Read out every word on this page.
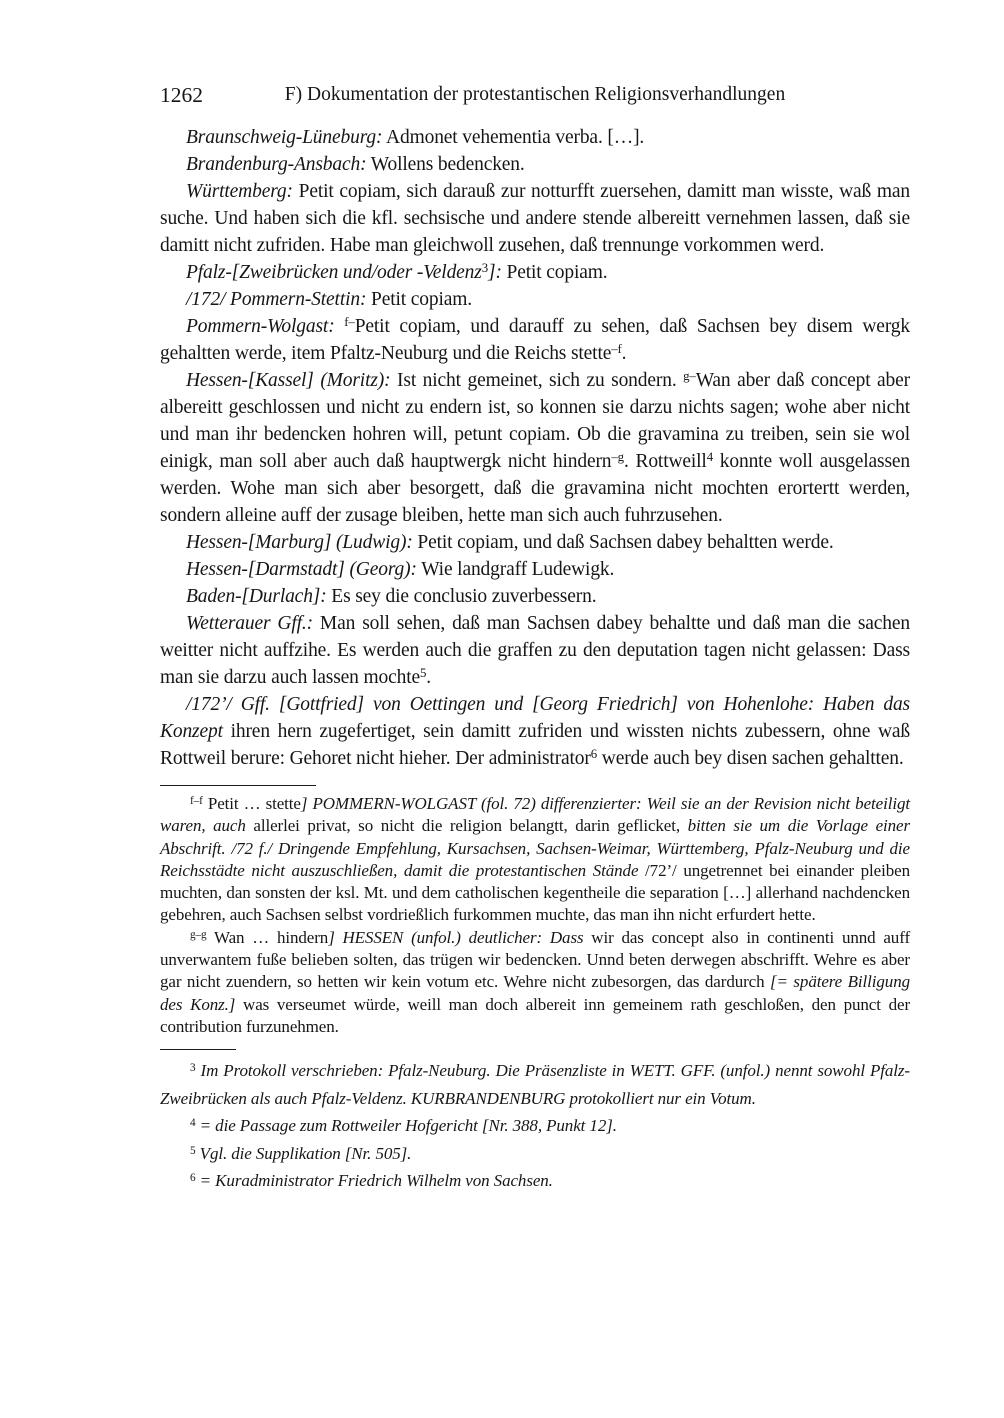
1262	F) Dokumentation der protestantischen Religionsverhandlungen

Braunschweig-Lüneburg: Admonet vehementia verba. […].

Brandenburg-Ansbach: Wollens bedencken.

Württemberg: Petit copiam, sich darauß zur notturfft zuersehen, damitt man wisste, waß man suche. Und haben sich die kfl. sechsische und andere stende albereitt vernehmen lassen, daß sie damitt nicht zufriden. Habe man gleichwoll zusehen, daß trennunge vorkommen werd.

Pfalz-[Zweibrücken und/oder -Veldenz$^3$]: Petit copiam.

/172/ Pommern-Stettin: Petit copiam.

Pommern-Wolgast: $^{f-}$Petit copiam, und darauff zu sehen, daß Sachsen bey disem wergk gehaltten werde, item Pfaltz-Neuburg und die Reichs stette$^{-f}$.

Hessen-[Kassel] (Moritz): Ist nicht gemeinet, sich zu sondern. $^{g-}$Wan aber daß concept aber albereitt geschlossen und nicht zu endern ist, so konnen sie darzu nichts sagen; wohe aber nicht und man ihr bedencken hohren will, petunt copiam. Ob die gravamina zu treiben, sein sie wol einigk, man soll aber auch daß hauptwergk nicht hindern$^{-g}$. Rottweill$^4$ konnte woll ausgelassen werden. Wohe man sich aber besorgett, daß die gravamina nicht mochten erortertt werden, sondern alleine auff der zusage bleiben, hette man sich auch fuhrzusehen.

Hessen-[Marburg] (Ludwig): Petit copiam, und daß Sachsen dabey behaltten werde.

Hessen-[Darmstadt] (Georg): Wie landgraff Ludewigk.

Baden-[Durlach]: Es sey die conclusio zuverbessern.

Wetterauer Gff.: Man soll sehen, daß man Sachsen dabey behaltte und daß man die sachen weitter nicht auffzihe. Es werden auch die graffen zu den deputation tagen nicht gelassen: Dass man sie darzu auch lassen mochte$^5$.

/172’/ Gff. [Gottfried] von Oettingen und [Georg Friedrich] von Hohenlohe: Haben das Konzept ihren hern zugefertiget, sein damitt zufriden und wissten nichts zubessern, ohne waß Rottweil berure: Gehoret nicht hieher. Der administrator$^6$ werde auch bey disen sachen gehaltten.

$^{f-f}$ Petit … stette] POMMERN-WOLGAST (fol. 72) differenzierter: Weil sie an der Revision nicht beteiligt waren, auch allerlei privat, so nicht die religion belangtt, darin geflicket, bitten sie um die Vorlage einer Abschrift. /72 f./ Dringende Empfehlung, Kursachsen, Sachsen-Weimar, Württemberg, Pfalz-Neuburg und die Reichsstädte nicht auszuschließen, damit die protestantischen Stände /72’/ ungetrennet bei einander pleiben muchten, dan sonsten der ksl. Mt. und dem catholischen kegentheile die separation […] allerhand nachdencken gebehren, auch Sachsen selbst vordrießlich furkommen muchte, das man ihn nicht erfurdert hette.

$^{g-g}$ Wan … hindern] HESSEN (unfol.) deutlicher: Dass wir das concept also in continenti unnd auff unverwantem fuße belieben solten, das trügen wir bedencken. Unnd beten derwegen abschrifft. Wehre es aber gar nicht zuendern, so hetten wir kein votum etc. Wehre nicht zubesorgen, das dardurch [= spätere Billigung des Konz.] was verseumet würde, weill man doch albereit inn gemeinem rath geschloßen, den punct der contribution furzunehmen.

$^3$ Im Protokoll verschrieben: Pfalz-Neuburg. Die Präsenzliste in WETT. GFF. (unfol.) nennt sowohl Pfalz-Zweibrücken als auch Pfalz-Veldenz. KURBRANDENBURG protokolliert nur ein Votum.

$^4$ = die Passage zum Rottweiler Hofgericht [Nr. 388, Punkt 12].

$^5$ Vgl. die Supplikation [Nr. 505].

$^6$ = Kuradministrator Friedrich Wilhelm von Sachsen.
